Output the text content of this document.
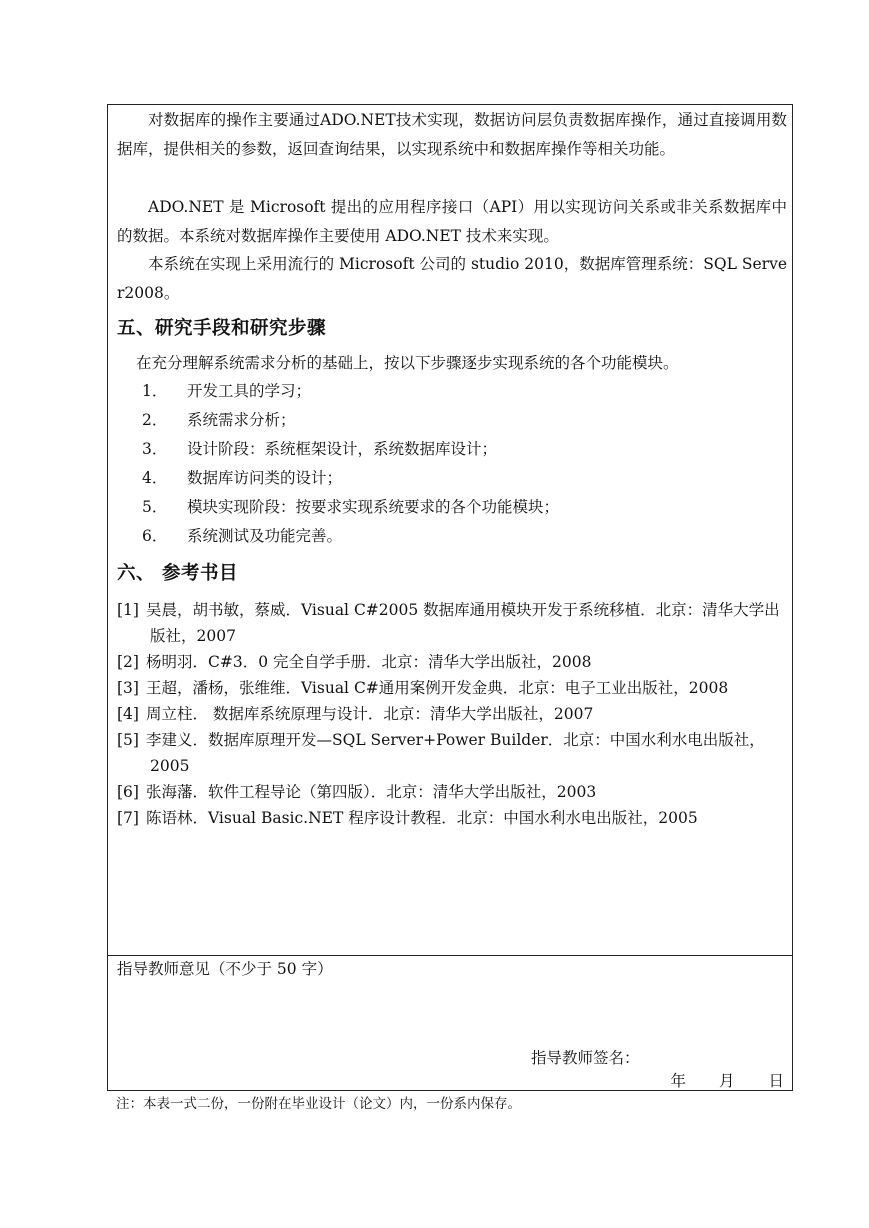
对数据库的操作主要通过ADO.NET技术实现，数据访问层负责数据库操作，通过直接调用数据库，提供相关的参数，返回查询结果，以实现系统中和数据库操作等相关功能。

ADO.NET 是 Microsoft 提出的应用程序接口（API）用以实现访问关系或非关系数据库中的数据。本系统对数据库操作主要使用 ADO.NET 技术来实现。

本系统在实现上采用流行的 Microsoft 公司的 studio 2010，数据库管理系统：SQL Server2008。

五、研究手段和研究步骤

在充分理解系统需求分析的基础上，按以下步骤逐步实现系统的各个功能模块。

1． 开发工具的学习；
2． 系统需求分析；
3． 设计阶段：系统框架设计，系统数据库设计；
4． 数据库访问类的设计；
5． 模块实现阶段：按要求实现系统要求的各个功能模块；
6． 系统测试及功能完善。
六、 参考书目
[1] 吴晨，胡书敏，蔡威．Visual C#2005 数据库通用模块开发于系统移植．北京：清华大学出版社，2007
[2] 杨明羽．C#3．0 完全自学手册．北京：清华大学出版社，2008
[3] 王超，潘杨，张维维．Visual C#通用案例开发金典．北京：电子工业出版社，2008
[4] 周立柱． 数据库系统原理与设计．北京：清华大学出版社，2007
[5] 李建义．数据库原理开发—SQL Server+Power Builder．北京：中国水利水电出版社，2005
[6] 张海藩．软件工程导论（第四版）．北京：清华大学出版社，2003
[7] 陈语林．Visual Basic.NET 程序设计教程．北京：中国水利水电出版社，2005

指导教师意见（不少于 50 字）

指导教师签名：

年 月 日

注：本表一式二份，一份附在毕业设计（论文）内，一份系内保存。
